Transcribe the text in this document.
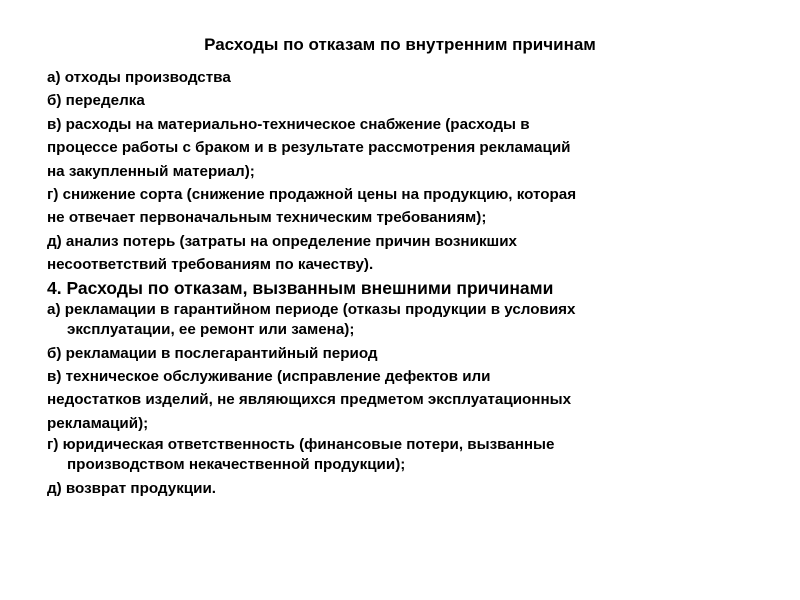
Расходы по отказам по внутренним причинам
а) отходы производства
б) переделка
в) расходы на материально-техническое снабжение (расходы в
процессе работы с браком и в результате рассмотрения рекламаций
на закупленный материал);
г) снижение сорта (снижение продажной цены на продукцию, которая
не отвечает первоначальным техническим требованиям);
д) анализ потерь (затраты на определение причин возникших
несоответствий требованиям по качеству).
4. Расходы по отказам, вызванным внешними причинами
а) рекламации в гарантийном периоде (отказы продукции в условиях
эксплуатации, ее ремонт или замена);
б) рекламации в послегарантийный период
в) техническое обслуживание (исправление дефектов или
недостатков изделий, не являющихся предметом эксплуатационных
рекламаций);
г) юридическая ответственность (финансовые потери, вызванные
производством некачественной продукции);
д) возврат продукции.
